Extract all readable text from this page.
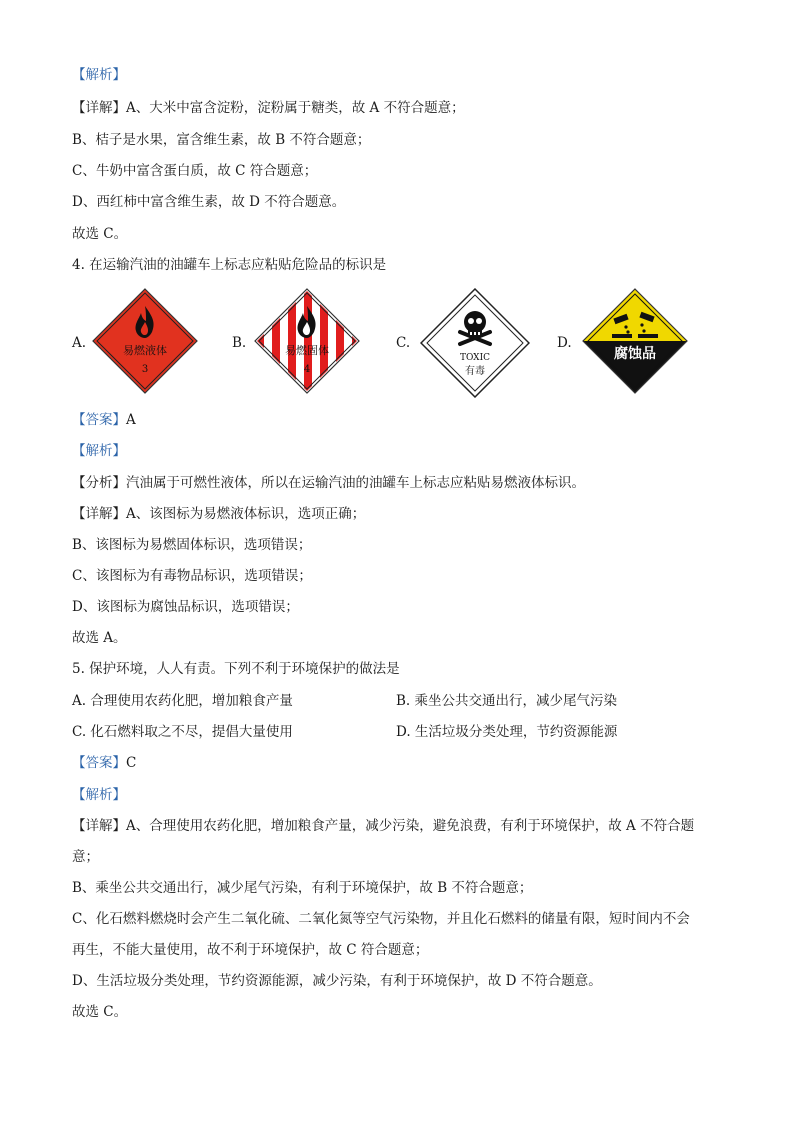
【解析】
【详解】A、大米中富含淀粉，淀粉属于糖类，故 A 不符合题意；
B、桔子是水果，富含维生素，故 B 不符合题意；
C、牛奶中富含蛋白质，故 C 符合题意；
D、西红柿中富含维生素，故 D 不符合题意。
故选 C。
4. 在运输汽油的油罐车上标志应粘贴危险品的标识是
A.	B.	C.	D.
易燃液体
3
易燃固体
4
TOXIC
有毒
腐蚀品
【答案】A
【解析】
【分析】汽油属于可燃性液体，所以在运输汽油的油罐车上标志应粘贴易燃液体标识。
【详解】A、该图标为易燃液体标识，选项正确；
B、该图标为易燃固体标识，选项错误；
C、该图标为有毒物品标识，选项错误；
D、该图标为腐蚀品标识，选项错误；
故选 A。
5. 保护环境，人人有责。下列不利于环境保护的做法是
A. 合理使用农药化肥，增加粮食产量	B. 乘坐公共交通出行，减少尾气污染
C. 化石燃料取之不尽，提倡大量使用	D. 生活垃圾分类处理，节约资源能源
【答案】C
【解析】
【详解】A、合理使用农药化肥，增加粮食产量，减少污染，避免浪费，有利于环境保护，故 A 不符合题
意；
B、乘坐公共交通出行，减少尾气污染，有利于环境保护，故 B 不符合题意；
C、化石燃料燃烧时会产生二氧化硫、二氧化氮等空气污染物，并且化石燃料的储量有限，短时间内不会
再生，不能大量使用，故不利于环境保护，故 C 符合题意；
D、生活垃圾分类处理，节约资源能源，减少污染，有利于环境保护，故 D 不符合题意。
故选 C。
